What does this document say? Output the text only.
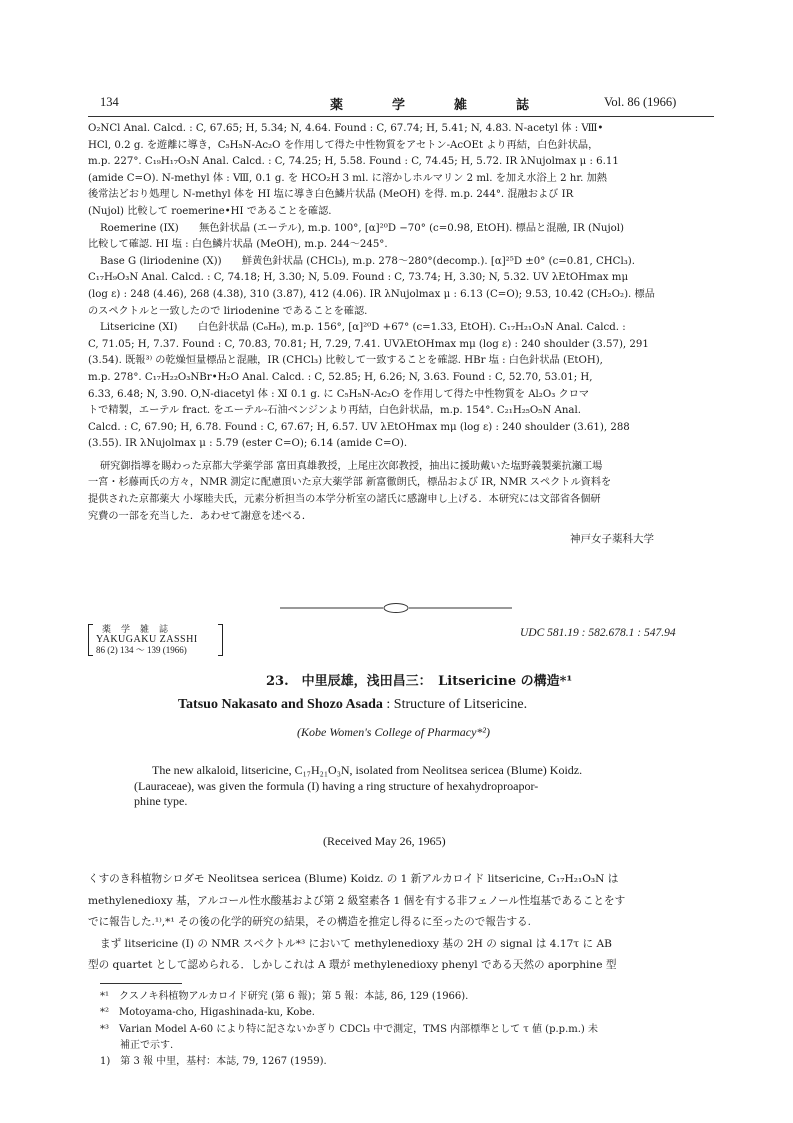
134	薬　学　雑　誌	Vol. 86 (1966)

O₂NCl Anal. Calcd. : C, 67.65; H, 5.34; N, 4.64. Found : C, 67.74; H, 5.41; N, 4.83. N-acetyl 体 : Ⅷ•

HCl, 0.2 g. を遊離に導き，C₅H₅N-Ac₂O を作用して得た中性物質をアセトン-AcOEt より再結，白色針状晶，

m.p. 227°. C₁₉H₁₇O₃N Anal. Calcd. : C, 74.25; H, 5.58. Found : C, 74.45; H, 5.72. IR λNujolmax μ : 6.11

(amide C=O). N-methyl 体 : Ⅷ, 0.1 g. を HCO₂H 3 ml. に溶かしホルマリン 2 ml. を加え水浴上 2 hr. 加熱

後常法どおり処理し N-methyl 体を HI 塩に導き白色鱗片状晶 (MeOH) を得. m.p. 244°. 混融および IR

(Nujol) 比較して roemerine•HI であることを確認.

Roemerine (IX)　　無色針状晶 (エーテル), m.p. 100°, [α]²⁰D −70° (c=0.98, EtOH). 標品と混融, IR (Nujol)

比較して確認. HI 塩 : 白色鱗片状晶 (MeOH), m.p. 244〜245°.

Base G (liriodenine (X))　　鮮黄色針状晶 (CHCl₃), m.p. 278〜280°(decomp.). [α]²⁵D ±0° (c=0.81, CHCl₃).

C₁₇H₉O₃N Anal. Calcd. : C, 74.18; H, 3.30; N, 5.09. Found : C, 73.74; H, 3.30; N, 5.32. UV λEtOHmax mμ

(log ε) : 248 (4.46), 268 (4.38), 310 (3.87), 412 (4.06). IR λNujolmax μ : 6.13 (C=O); 9.53, 10.42 (CH₂O₂). 標品

のスペクトルと一致したので liriodenine であることを確認.

Litsericine (XI)　　白色針状晶 (C₆H₆), m.p. 156°, [α]²⁰D +67° (c=1.33, EtOH). C₁₇H₂₁O₃N Anal. Calcd. :

C, 71.05; H, 7.37. Found : C, 70.83, 70.81; H, 7.29, 7.41. UVλEtOHmax mμ (log ε) : 240 shoulder (3.57), 291

(3.54). 既報³⁾ の乾燥恒量標品と混融，IR (CHCl₃) 比較して一致することを確認. HBr 塩 : 白色針状晶 (EtOH),

m.p. 278°. C₁₇H₂₂O₃NBr•H₂O Anal. Calcd. : C, 52.85; H, 6.26; N, 3.63. Found : C, 52.70, 53.01; H,

6.33, 6.48; N, 3.90. O,N-diacetyl 体 : Ⅺ 0.1 g. に C₅H₅N-Ac₂O を作用して得た中性物質を Al₂O₃ クロマ

トで精製，エーテル fract. をエーテル-石油ベンジンより再結，白色針状晶，m.p. 154°. C₂₁H₂₅O₅N Anal.

Calcd. : C, 67.90; H, 6.78. Found : C, 67.67; H, 6.57. UV λEtOHmax mμ (log ε) : 240 shoulder (3.61), 288

(3.55). IR λNujolmax μ : 5.79 (ester C=O); 6.14 (amide C=O).

研究御指導を賜わった京都大学薬学部 富田真雄教授，上尾庄次郎教授，抽出に援助戴いた塩野義製薬抗瀬工場

一宮・杉藤両氏の方々，NMR 測定に配慮頂いた京大薬学部 新富徹朗氏，標品および IR, NMR スペクトル資料を

提供された京都薬大 小塚睦夫氏，元素分析担当の本学分析室の諸氏に感謝申し上げる．本研究には文部省各個研

究費の一部を充当した．あわせて謝意を述べる．

神戸女子薬科大学
薬学雑誌
YAKUGAKU ZASSHI
86 (2) 134 〜 139 (1966)
UDC 581.19 : 582.678.1 : 547.94
23.　中里辰雄，浅田昌三：　Litsericine の構造*¹
Tatsuo Nakasato and Shozo Asada : Structure of Litsericine.
(Kobe Women's College of Pharmacy*²)

The new alkaloid, litsericine, C₁₇H₂₁O₃N, isolated from Neolitsea sericea (Blume) Koidz.

(Lauraceae), was given the formula (I) having a ring structure of hexahydroproapor-

phine type.

(Received May 26, 1965)

くすのき科植物シロダモ Neolitsea sericea (Blume) Koidz. の 1 新アルカロイド litsericine, C₁₇H₂₁O₃N は

methylenedioxy 基，アルコール性水酸基および第 2 級窒素各 1 個を有する非フェノール性塩基であることをす

でに報告した.¹⁾,*¹ その後の化学的研究の結果，その構造を推定し得るに至ったので報告する.

まず litsericine (Ⅰ) の NMR スペクトル*³ において methylenedioxy 基の 2H の signal は 4.17τ に AB

型の quartet として認められる．しかしこれは A 環が methylenedioxy phenyl である天然の aporphine 型

*¹　クスノキ科植物アルカロイド研究 (第 6 報)；第 5 報：本誌, 86, 129 (1966).

*²　Motoyama-cho, Higashinada-ku, Kobe.

*³　Varian Model A-60 により特に記さないかぎり CDCl₃ 中で測定，TMS 内部標準として τ 値 (p.p.m.) 未

　　補正で示す.

1)　第 3 報 中里，基村：本誌, 79, 1267 (1959).
